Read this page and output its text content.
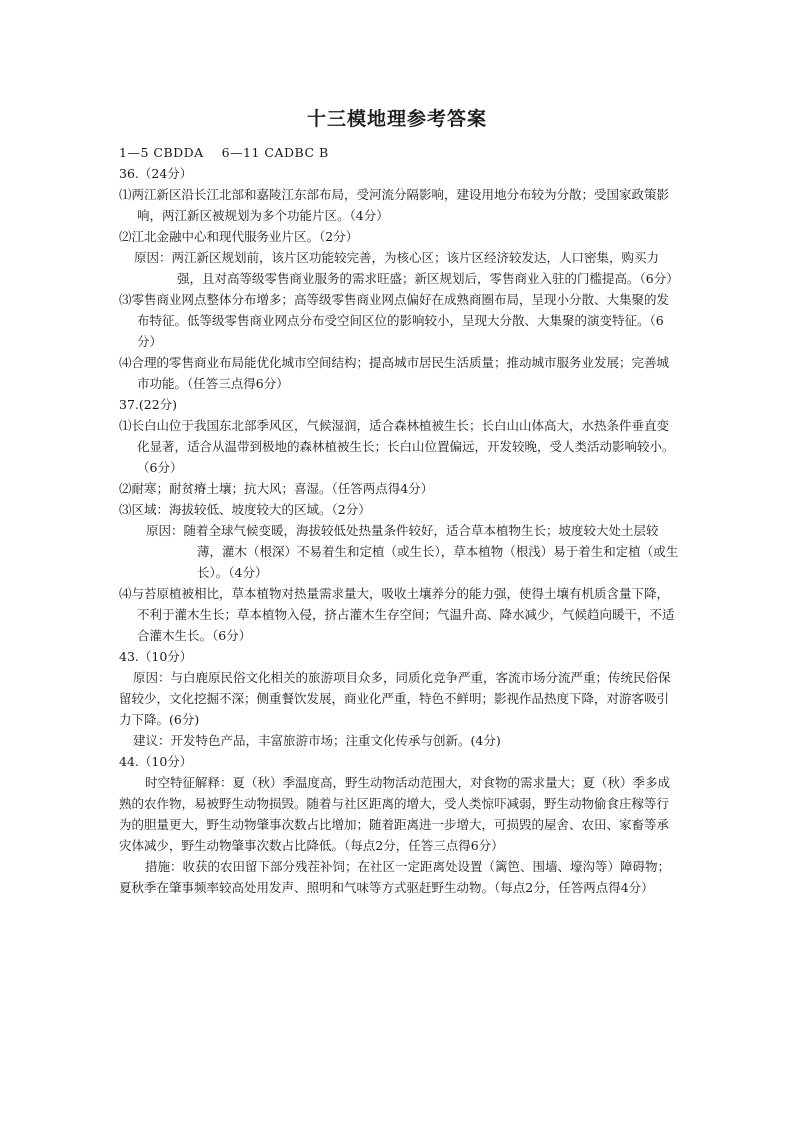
十三模地理参考答案
1—5 CBDDA    6—11 CADBC B
36.（24分）
⑴两江新区沿长江北部和嘉陵江东部布局，受河流分隔影响，建设用地分布较为分散；受国家政策影响，两江新区被规划为多个功能片区。（4分）
⑵江北金融中心和现代服务业片区。（2分）
原因：两江新区规划前，该片区功能较完善，为核心区；该片区经济较发达，人口密集，购买力强，且对高等级零售商业服务的需求旺盛；新区规划后，零售商业入驻的门槛提高。（6分）
⑶零售商业网点整体分布增多；高等级零售商业网点偏好在成熟商圈布局，呈现小分散、大集聚的发布特征。低等级零售商业网点分布受空间区位的影响较小，呈现大分散、大集聚的演变特征。（6分）
⑷合理的零售商业布局能优化城市空间结构；提高城市居民生活质量；推动城市服务业发展；完善城市功能。（任答三点得6分）
37.(22分)
⑴长白山位于我国东北部季风区，气候湿润，适合森林植被生长；长白山山体高大，水热条件垂直变化显著，适合从温带到极地的森林植被生长；长白山位置偏远，开发较晚，受人类活动影响较小。（6分）
⑵耐寒；耐贫瘠土壤；抗大风；喜湿。（任答两点得4分）
⑶区域：海拔较低、坡度较大的区域。（2分）
原因：随着全球气候变暖，海拔较低处热量条件较好，适合草本植物生长；坡度较大处土层较薄，灌木（根深）不易着生和定植（或生长），草本植物（根浅）易于着生和定植（或生长）。（4分）
⑷与苔原植被相比，草本植物对热量需求量大，吸收土壤养分的能力强，使得土壤有机质含量下降，不利于灌木生长；草本植物入侵，挤占灌木生存空间；气温升高、降水减少，气候趋向暖干，不适合灌木生长。（6分）
43.（10分）
原因：与白鹿原民俗文化相关的旅游项目众多，同质化竞争严重，客流市场分流严重；传统民俗保留较少，文化挖掘不深；侧重餐饮发展，商业化严重，特色不鲜明；影视作品热度下降，对游客吸引力下降。(6分)
建议：开发特色产品，丰富旅游市场；注重文化传承与创新。(4分)
44.（10分）
时空特征解释：夏（秋）季温度高，野生动物活动范围大，对食物的需求量大；夏（秋）季多成熟的农作物，易被野生动物损毁。随着与社区距离的增大，受人类惊吓减弱，野生动物偷食庄稼等行为的胆量更大，野生动物肇事次数占比增加；随着距离进一步增大，可损毁的屋舍、农田、家畜等承灾体减少，野生动物肇事次数占比降低。（每点2分，任答三点得6分）
措施：收获的农田留下部分残茬补饲；在社区一定距离处设置（篱笆、围墙、壕沟等）障碍物；夏秋季在肇事频率较高处用发声、照明和气味等方式驱赶野生动物。（每点2分，任答两点得4分）
